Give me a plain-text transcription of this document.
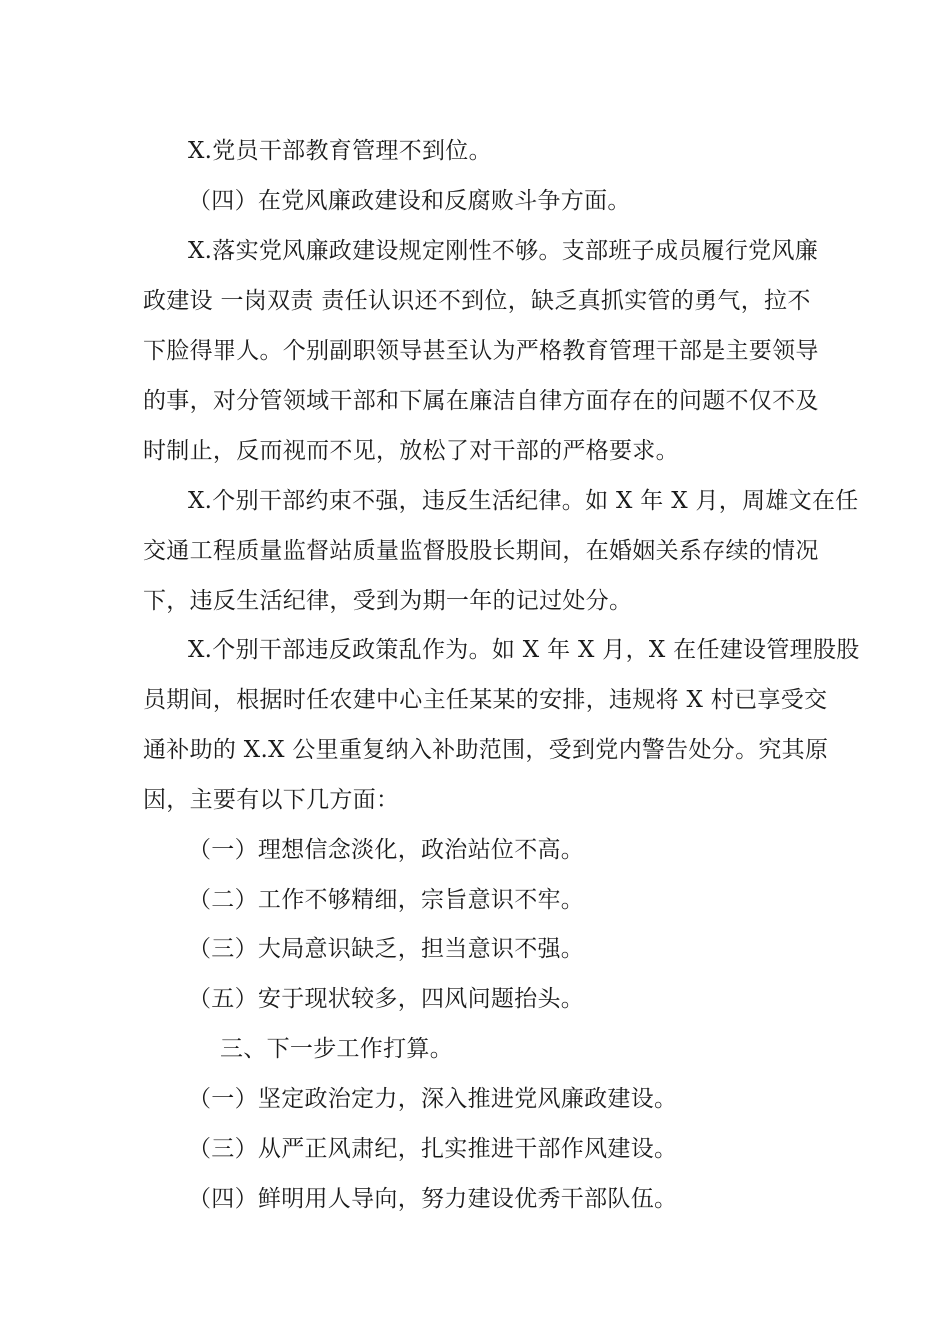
X.党员干部教育管理不到位。
（四）在党风廉政建设和反腐败斗争方面。
X.落实党风廉政建设规定刚性不够。支部班子成员履行党风廉
政建设 一岗双责 责任认识还不到位，缺乏真抓实管的勇气，拉不
下脸得罪人。个别副职领导甚至认为严格教育管理干部是主要领导
的事，对分管领域干部和下属在廉洁自律方面存在的问题不仅不及
时制止，反而视而不见，放松了对干部的严格要求。
X.个别干部约束不强，违反生活纪律。如 X 年 X 月，周雄文在任
交通工程质量监督站质量监督股股长期间，在婚姻关系存续的情况
下，违反生活纪律，受到为期一年的记过处分。
X.个别干部违反政策乱作为。如 X 年 X 月，X 在任建设管理股股
员期间，根据时任农建中心主任某某的安排，违规将 X 村已享受交
通补助的 X.X 公里重复纳入补助范围，受到党内警告处分。究其原
因，主要有以下几方面：
（一）理想信念淡化，政治站位不高。
（二）工作不够精细，宗旨意识不牢。
（三）大局意识缺乏，担当意识不强。
（五）安于现状较多，四风问题抬头。
三、下一步工作打算。
（一）坚定政治定力，深入推进党风廉政建设。
（三）从严正风肃纪，扎实推进干部作风建设。
（四）鲜明用人导向，努力建设优秀干部队伍。
